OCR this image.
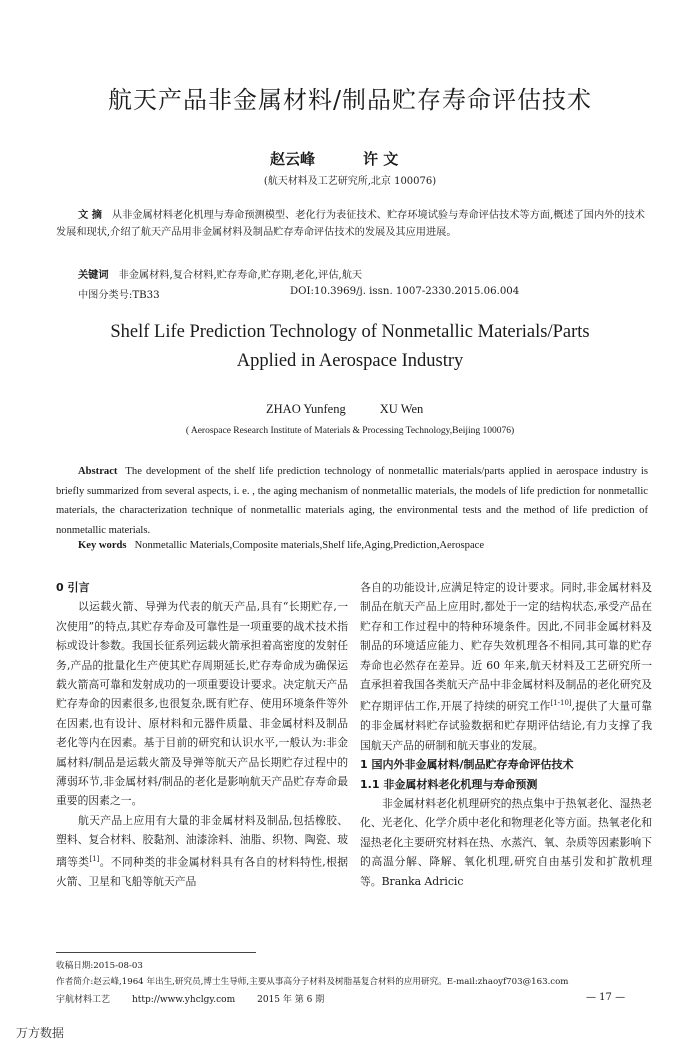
航天产品非金属材料/制品贮存寿命评估技术
赵云峰	许 文
(航天材料及工艺研究所,北京 100076)
文 摘 从非金属材料老化机理与寿命预测模型、老化行为表征技术、贮存环境试验与寿命评估技术等方面,概述了国内外的技术发展和现状,介绍了航天产品用非金属材料及制品贮存寿命评估技术的发展及其应用进展。
关键词 非金属材料,复合材料,贮存寿命,贮存期,老化,评估,航天
中图分类号:TB33	DOI:10.3969/j. issn. 1007-2330.2015.06.004
Shelf Life Prediction Technology of Nonmetallic Materials/Parts
Applied in Aerospace Industry
ZHAO Yunfeng	XU Wen
( Aerospace Research Institute of Materials & Processing Technology,Beijing 100076)
Abstract The development of the shelf life prediction technology of nonmetallic materials/parts applied in aerospace industry is briefly summarized from several aspects, i. e. , the aging mechanism of nonmetallic materials, the models of life prediction for nonmetallic materials, the characterization technique of nonmetallic materials aging, the environmental tests and the method of life prediction of nonmetallic materials.
Key words Nonmetallic Materials,Composite materials,Shelf life,Aging,Prediction,Aerospace
0 引言

以运载火箭、导弹为代表的航天产品,具有“长期贮存,一次使用”的特点,其贮存寿命及可靠性是一项重要的战术技术指标或设计参数。我国长征系列运载火箭承担着高密度的发射任务,产品的批量化生产使其贮存周期延长,贮存寿命成为确保运载火箭高可靠和发射成功的一项重要设计要求。决定航天产品贮存寿命的因素很多,也很复杂,既有贮存、使用环境条件等外在因素,也有设计、原材料和元器件质量、非金属材料及制品老化等内在因素。基于目前的研究和认识水平,一般认为:非金属材料/制品是运载火箭及导弹等航天产品长期贮存过程中的薄弱环节,非金属材料/制品的老化是影响航天产品贮存寿命最重要的因素之一。

航天产品上应用有大量的非金属材料及制品,包括橡胶、塑料、复合材料、胶黏剂、油漆涂料、油脂、织物、陶瓷、玻璃等类[1]。不同种类的非金属材料具有各自的材料特性,根据火箭、卫星和飞船等航天产品

各自的功能设计,应满足特定的设计要求。同时,非金属材料及制品在航天产品上应用时,都处于一定的结构状态,承受产品在贮存和工作过程中的特种环境条件。因此,不同非金属材料及制品的环境适应能力、贮存失效机理各不相同,其可靠的贮存寿命也必然存在差异。近 60 年来,航天材料及工艺研究所一直承担着我国各类航天产品中非金属材料及制品的老化研究及贮存期评估工作,开展了持续的研究工作[1-10],提供了大量可靠的非金属材料贮存试验数据和贮存期评估结论,有力支撑了我国航天产品的研制和航天事业的发展。

1 国内外非金属材料/制品贮存寿命评估技术
1.1 非金属材料老化机理与寿命预测

非金属材料老化机理研究的热点集中于热氧老化、湿热老化、光老化、化学介质中老化和物理老化等方面。热氧老化和湿热老化主要研究材料在热、水蒸汽、氧、杂质等因素影响下的高温分解、降解、氧化机理,研究自由基引发和扩散机理等。Branka Adricic

收稿日期:2015-08-03
作者简介:赵云峰,1964 年出生,研究员,博士生导师,主要从事高分子材料及树脂基复合材料的应用研究。E-mail:zhaoyf703@163.com
宇航材料工艺 http://www.yhclgy.com 2015 年 第 6 期	— 17 —
万方数据
